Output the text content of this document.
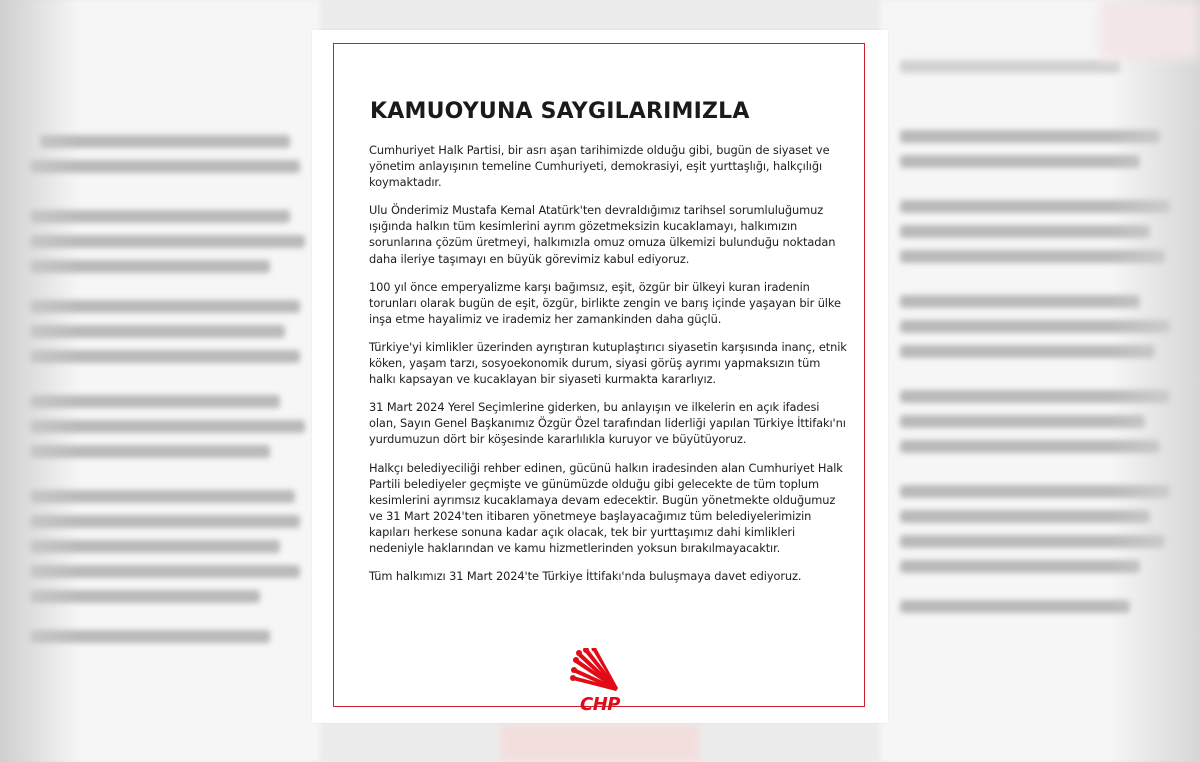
KAMUOYUNA SAYGILARIMIZLA

Cumhuriyet Halk Partisi, bir asrı aşan tarihimizde olduğu gibi, bugün de siyaset ve yönetim anlayışının temeline Cumhuriyeti, demokrasiyi, eşit yurttaşlığı, halkçılığı koymaktadır.

Ulu Önderimiz Mustafa Kemal Atatürk'ten devraldığımız tarihsel sorumluluğumuz ışığında halkın tüm kesimlerini ayrım gözetmeksizin kucaklamayı, halkımızın sorunlarına çözüm üretmeyi, halkımızla omuz omuza ülkemizi bulunduğu noktadan daha ileriye taşımayı en büyük görevimiz kabul ediyoruz.

100 yıl önce emperyalizme karşı bağımsız, eşit, özgür bir ülkeyi kuran iradenin torunları olarak bugün de eşit, özgür, birlikte zengin ve barış içinde yaşayan bir ülke inşa etme hayalimiz ve irademiz her zamankinden daha güçlü.

Türkiye'yi kimlikler üzerinden ayrıştıran kutuplaştırıcı siyasetin karşısında inanç, etnik köken, yaşam tarzı, sosyoekonomik durum, siyasi görüş ayrımı yapmaksızın tüm halkı kapsayan ve kucaklayan bir siyaseti kurmakta kararlıyız.

31 Mart 2024 Yerel Seçimlerine giderken, bu anlayışın ve ilkelerin en açık ifadesi olan, Sayın Genel Başkanımız Özgür Özel tarafından liderliği yapılan Türkiye İttifakı'nı yurdumuzun dört bir köşesinde kararlılıkla kuruyor ve büyütüyoruz.

Halkçı belediyeciliği rehber edinen, gücünü halkın iradesinden alan Cumhuriyet Halk Partili belediyeler geçmişte ve günümüzde olduğu gibi gelecekte de tüm toplum kesimlerini ayrımsız kucaklamaya devam edecektir. Bugün yönetmekte olduğumuz ve 31 Mart 2024'ten itibaren yönetmeye başlayacağımız tüm belediyelerimizin kapıları herkese sonuna kadar açık olacak, tek bir yurttaşımız dahi kimlikleri nedeniyle haklarından ve kamu hizmetlerinden yoksun bırakılmayacaktır.

Tüm halkımızı 31 Mart 2024'te Türkiye İttifakı'nda buluşmaya davet ediyoruz.

CHP
